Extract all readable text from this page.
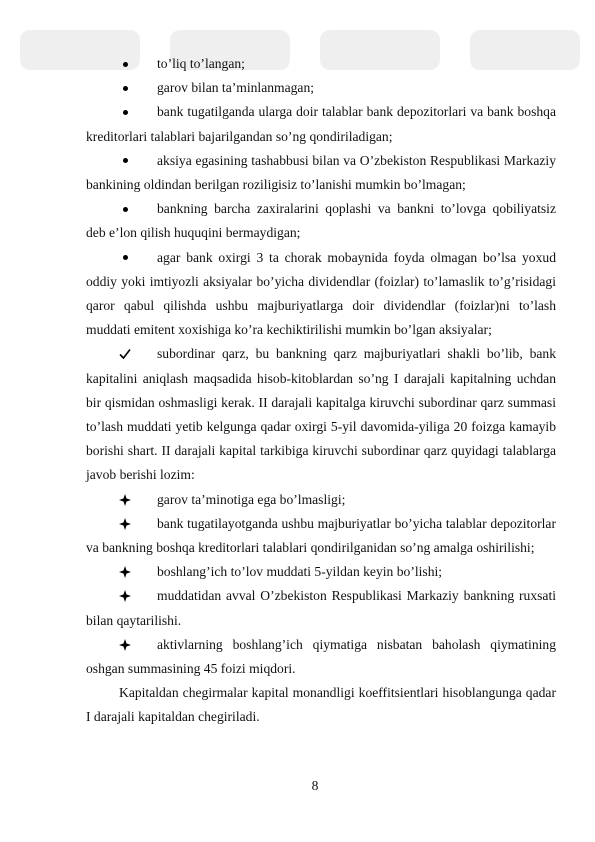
to’liq to’langan;
garov bilan ta’minlanmagan;
bank tugatilganda ularga doir talablar bank depozitorlari va bank boshqa kreditorlari talablari bajarilgandan so’ng qondiriladigan;
aksiya egasining tashabbusi bilan va O’zbekiston Respublikasi Markaziy bankining oldindan berilgan roziligisiz to’lanishi mumkin bo’lmagan;
bankning barcha zaxiralarini qoplashi va bankni to’lovga qobiliyatsiz deb e’lon qilish huquqini bermaydigan;
agar bank oxirgi 3 ta chorak mobaynida foyda olmagan bo’lsa yoxud oddiy yoki imtiyozli aksiyalar bo’yicha dividendlar (foizlar) to’lamaslik to’g’risidagi qaror qabul qilishda ushbu majburiyatlarga doir dividendlar (foizlar)ni to’lash muddati emitent xoxishiga ko’ra kechiktirilishi mumkin bo’lgan aksiyalar;
subordinar qarz, bu bankning qarz majburiyatlari shakli bo’lib, bank kapitalini aniqlash maqsadida hisob-kitoblardan so’ng I darajali kapitalning uchdan bir qismidan oshmasligi kerak. II darajali kapitalga kiruvchi subordinar qarz summasi to’lash muddati yetib kelgunga qadar oxirgi 5-yil davomida-yiliga 20 foizga kamayib borishi shart. II darajali kapital tarkibiga kiruvchi subordinar qarz quyidagi talablarga javob berishi lozim:
garov ta’minotiga ega bo’lmasligi;
bank tugatilayotganda ushbu majburiyatlar bo’yicha talablar depozitorlar va bankning boshqa kreditorlari talablari qondirilganidan so’ng amalga oshirilishi;
boshlang’ich to’lov muddati 5-yildan keyin bo’lishi;
muddatidan avval O’zbekiston Respublikasi Markaziy bankning ruxsati bilan qaytarilishi.
aktivlarning boshlang’ich qiymatiga nisbatan baholash qiymatining oshgan summasining 45 foizi miqdori.
Kapitaldan chegirmalar kapital monandligi koeffitsientlari hisoblangunga qadar I darajali kapitaldan chegiriladi.
8
